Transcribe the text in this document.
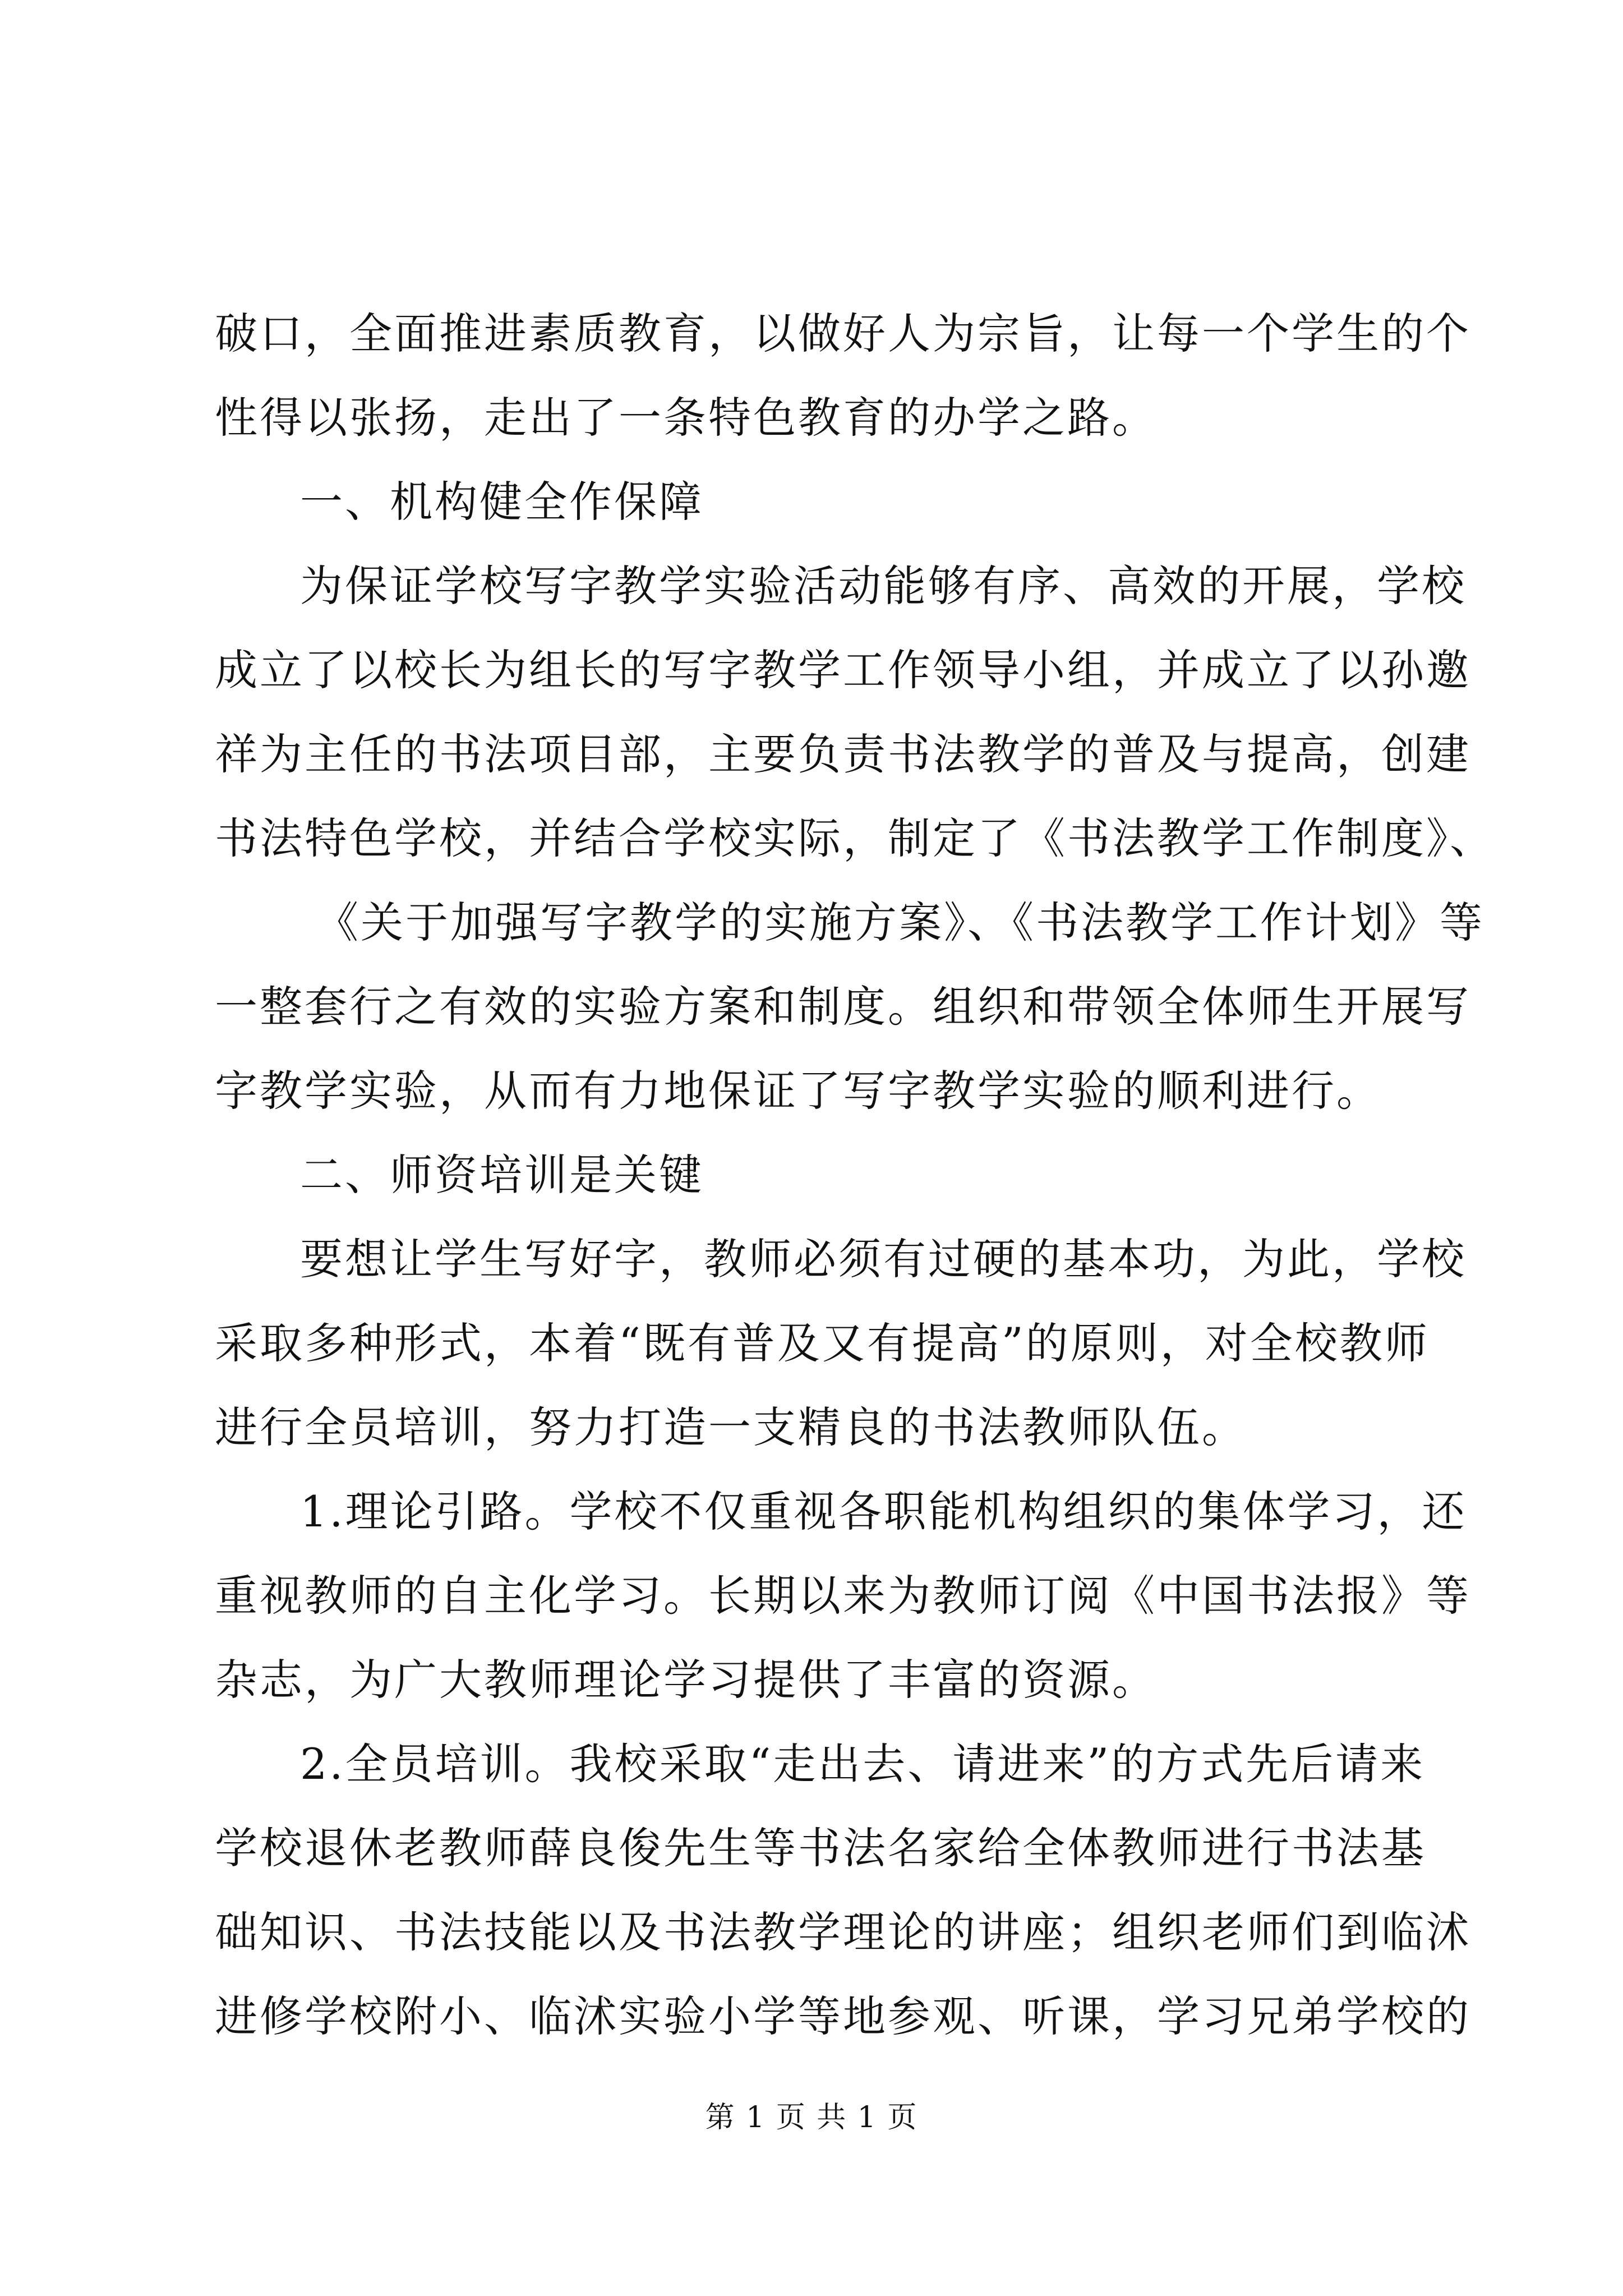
破口，全面推进素质教育，以做好人为宗旨，让每一个学生的个
性得以张扬，走出了一条特色教育的办学之路。
一、机构健全作保障
为保证学校写字教学实验活动能够有序、高效的开展，学校
成立了以校长为组长的写字教学工作领导小组，并成立了以孙邀
祥为主任的书法项目部，主要负责书法教学的普及与提高，创建
书法特色学校，并结合学校实际，制定了《书法教学工作制度》、
《关于加强写字教学的实施方案》、《书法教学工作计划》等
一整套行之有效的实验方案和制度。组织和带领全体师生开展写
字教学实验，从而有力地保证了写字教学实验的顺利进行。
二、师资培训是关键
要想让学生写好字，教师必须有过硬的基本功，为此，学校
采取多种形式，本着“既有普及又有提高”的原则，对全校教师
进行全员培训，努力打造一支精良的书法教师队伍。
1.理论引路。学校不仅重视各职能机构组织的集体学习，还
重视教师的自主化学习。长期以来为教师订阅《中国书法报》等
杂志，为广大教师理论学习提供了丰富的资源。
2.全员培训。我校采取“走出去、请进来”的方式先后请来
学校退休老教师薛良俊先生等书法名家给全体教师进行书法基
础知识、书法技能以及书法教学理论的讲座；组织老师们到临沭
进修学校附小、临沭实验小学等地参观、听课，学习兄弟学校的
第 1 页 共 1 页
